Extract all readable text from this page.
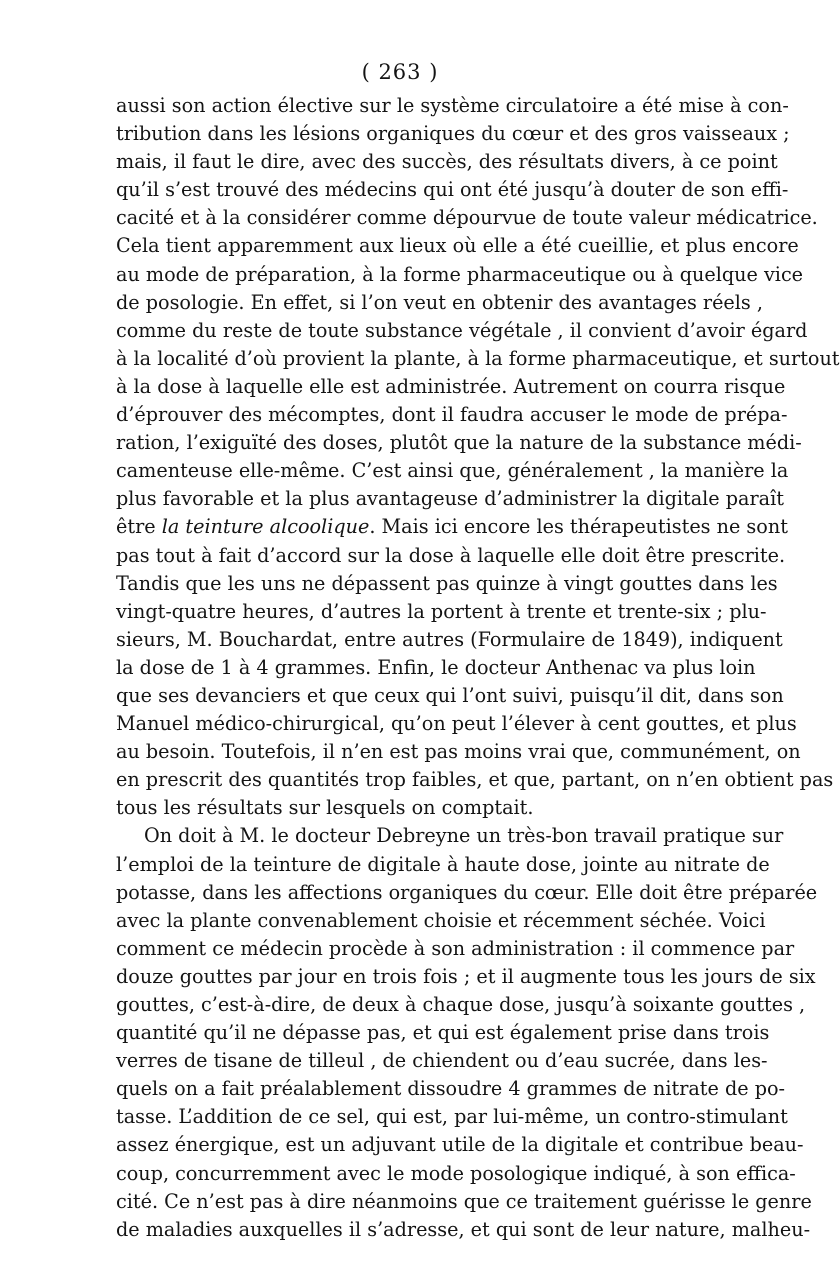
( 263 )
aussi son action élective sur le système circulatoire a été mise à con-
tribution dans les lésions organiques du cœur et des gros vaisseaux ;
mais, il faut le dire, avec des succès, des résultats divers, à ce point
qu’il s’est trouvé des médecins qui ont été jusqu’à douter de son effi-
cacité et à la considérer comme dépourvue de toute valeur médicatrice.
Cela tient apparemment aux lieux où elle a été cueillie, et plus encore
au mode de préparation, à la forme pharmaceutique ou à quelque vice
de posologie. En effet, si l’on veut en obtenir des avantages réels ,
comme du reste de toute substance végétale , il convient d’avoir égard
à la localité d’où provient la plante, à la forme pharmaceutique, et surtout
à la dose à laquelle elle est administrée. Autrement on courra risque
d’éprouver des mécomptes, dont il faudra accuser le mode de prépa-
ration, l’exiguïté des doses, plutôt que la nature de la substance médi-
camenteuse elle-même. C’est ainsi que, généralement , la manière la
plus favorable et la plus avantageuse d’administrer la digitale paraît
être la teinture alcoolique. Mais ici encore les thérapeutistes ne sont
pas tout à fait d’accord sur la dose à laquelle elle doit être prescrite.
Tandis que les uns ne dépassent pas quinze à vingt gouttes dans les
vingt-quatre heures, d’autres la portent à trente et trente-six ; plu-
sieurs, M. Bouchardat, entre autres (Formulaire de 1849), indiquent
la dose de 1 à 4 grammes. Enfin, le docteur Anthenac va plus loin
que ses devanciers et que ceux qui l’ont suivi, puisqu’il dit, dans son
Manuel médico-chirurgical, qu’on peut l’élever à cent gouttes, et plus
au besoin. Toutefois, il n’en est pas moins vrai que, communément, on
en prescrit des quantités trop faibles, et que, partant, on n’en obtient pas
tous les résultats sur lesquels on comptait.
On doit à M. le docteur Debreyne un très-bon travail pratique sur
l’emploi de la teinture de digitale à haute dose, jointe au nitrate de
potasse, dans les affections organiques du cœur. Elle doit être préparée
avec la plante convenablement choisie et récemment séchée. Voici
comment ce médecin procède à son administration : il commence par
douze gouttes par jour en trois fois ; et il augmente tous les jours de six
gouttes, c’est-à-dire, de deux à chaque dose, jusqu’à soixante gouttes ,
quantité qu’il ne dépasse pas, et qui est également prise dans trois
verres de tisane de tilleul , de chiendent ou d’eau sucrée, dans les-
quels on a fait préalablement dissoudre 4 grammes de nitrate de po-
tasse. L’addition de ce sel, qui est, par lui-même, un contro-stimulant
assez énergique, est un adjuvant utile de la digitale et contribue beau-
coup, concurremment avec le mode posologique indiqué, à son effica-
cité. Ce n’est pas à dire néanmoins que ce traitement guérisse le genre
de maladies auxquelles il s’adresse, et qui sont de leur nature, malheu-
